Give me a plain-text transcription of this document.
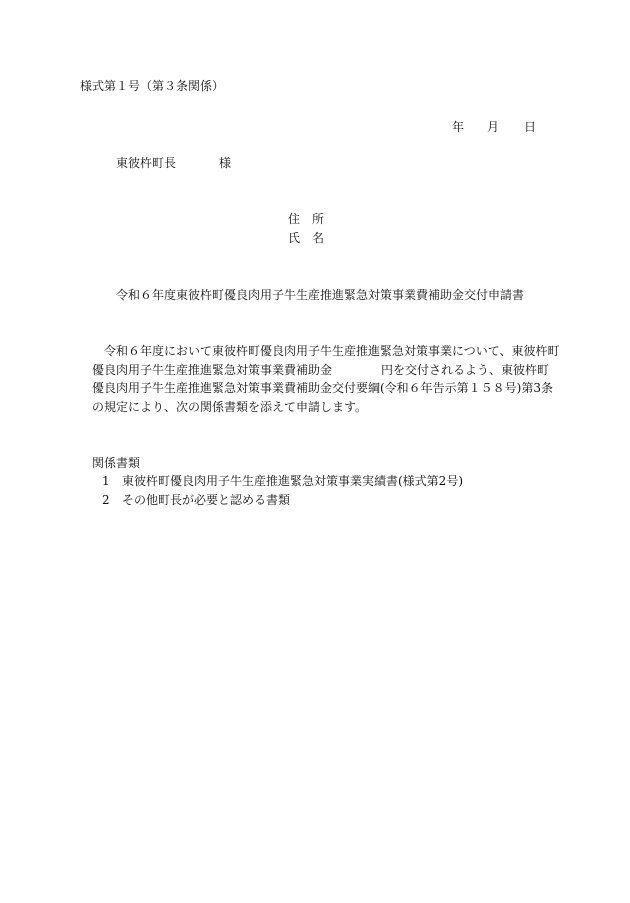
様式第１号（第３条関係）
年 月 日
東彼杵町長	様
住　所
氏　名
令和６年度東彼杵町優良肉用子牛生産推進緊急対策事業費補助金交付申請書
令和６年度において東彼杵町優良肉用子牛生産推進緊急対策事業について、東彼杵町
優良肉用子牛生産推進緊急対策事業費補助金	円を交付されるよう、東彼杵町
優良肉用子牛生産推進緊急対策事業費補助金交付要綱(令和６年告示第１５８号)第3条
の規定により、次の関係書類を添えて申請します。
関係書類
1 東彼杵町優良肉用子牛生産推進緊急対策事業実績書(様式第2号)
2 その他町長が必要と認める書類
